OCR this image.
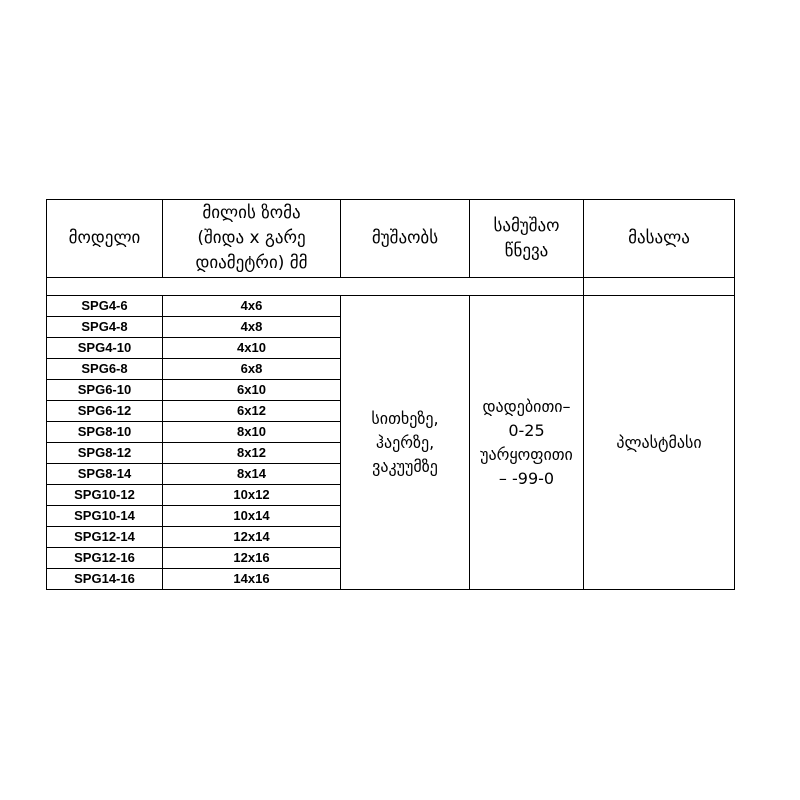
მოდელი	მილის ზომა
(შიდა x გარე
დიამეტრი) მმ	მუშაობს	სამუშაო
წნევა	მასალა

SPG4-6	4x6	სითხეზე,
ჰაერზე,
ვაკუუმზე	დადებითი–
0-25
უარყოფითი
– -99-0	პლასტმასი
SPG4-8	4x8			
SPG4-10	4x10			
SPG6-8	6x8			
SPG6-10	6x10			
SPG6-12	6x12			
SPG8-10	8x10			
SPG8-12	8x12			
SPG8-14	8x14			
SPG10-12	10x12			
SPG10-14	10x14			
SPG12-14	12x14			
SPG12-16	12x16			
SPG14-16	14x16			
